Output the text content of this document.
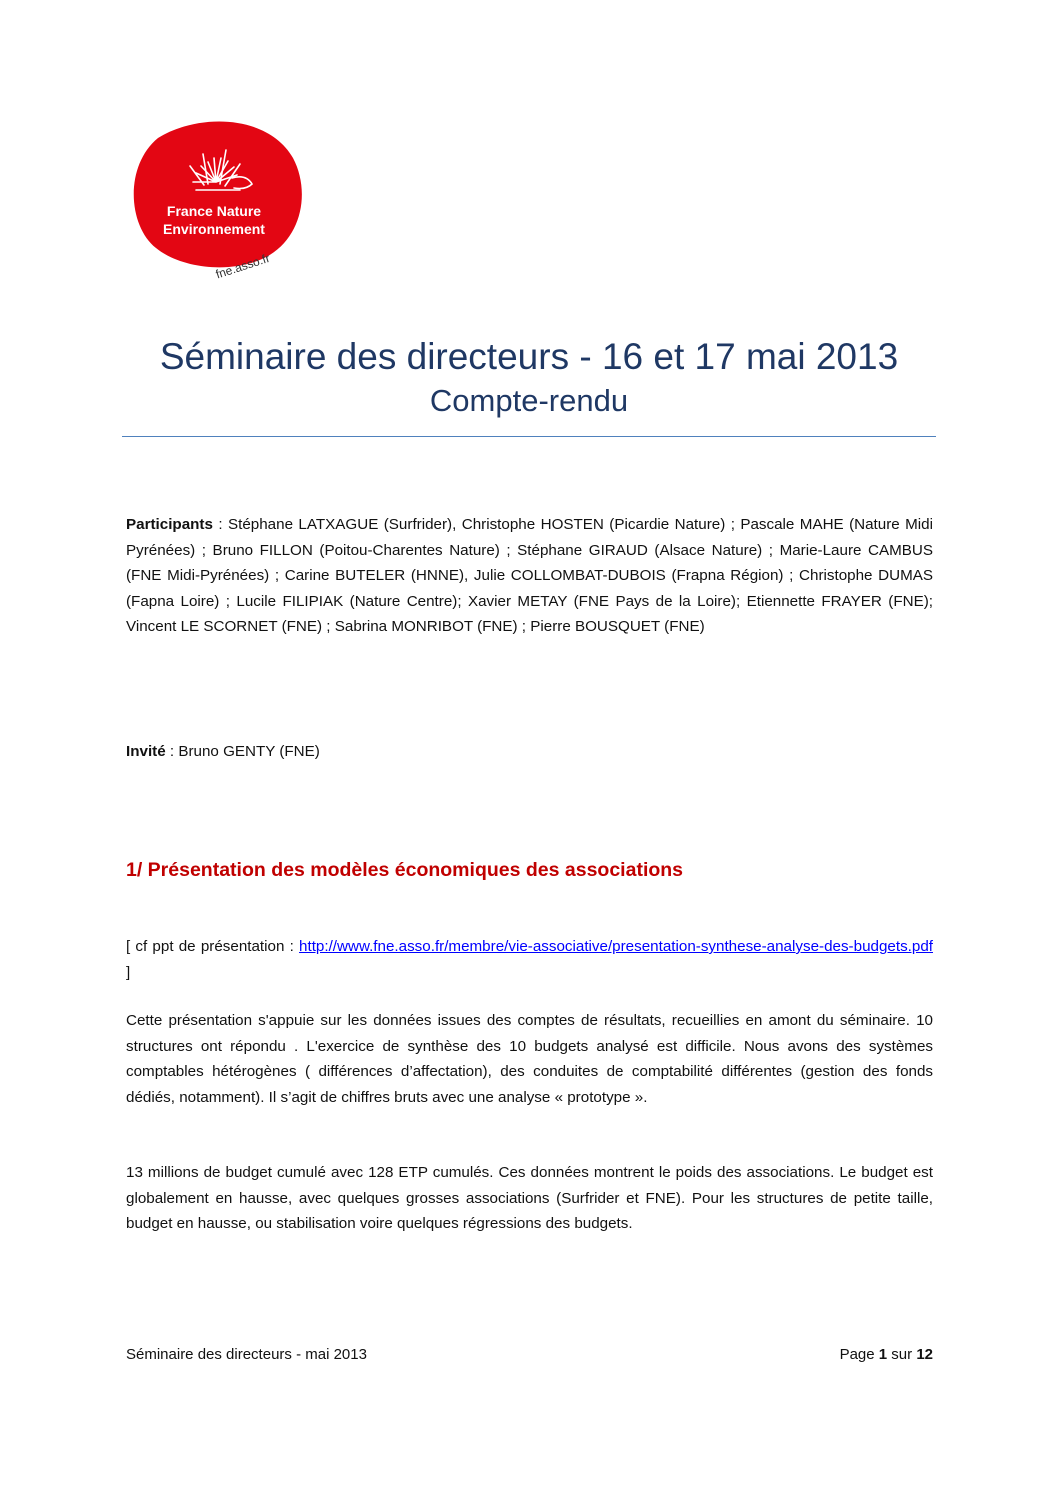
France Nature
Environnement
fne.asso.fr
Séminaire des directeurs - 16 et 17 mai 2013
Compte-rendu

Participants : Stéphane LATXAGUE (Surfrider), Christophe HOSTEN (Picardie Nature) ; Pascale MAHE (Nature Midi Pyrénées) ; Bruno FILLON (Poitou-Charentes Nature) ; Stéphane GIRAUD (Alsace Nature) ; Marie-Laure CAMBUS (FNE Midi-Pyrénées) ; Carine BUTELER (HNNE), Julie COLLOMBAT-DUBOIS (Frapna Région) ; Christophe DUMAS (Fapna Loire) ; Lucile FILIPIAK (Nature Centre); Xavier METAY (FNE Pays de la Loire); Etiennette FRAYER (FNE); Vincent LE SCORNET (FNE) ; Sabrina MONRIBOT (FNE) ; Pierre BOUSQUET (FNE)

Invité : Bruno GENTY (FNE)

1/ Présentation des modèles économiques des associations

[ cf ppt de présentation : http://www.fne.asso.fr/membre/vie-associative/presentation-synthese-analyse-des-budgets.pdf ]

Cette présentation s'appuie sur les données issues des comptes de résultats, recueillies en amont du séminaire. 10 structures ont répondu . L'exercice de synthèse des 10 budgets analysé est difficile. Nous avons des systèmes comptables hétérogènes ( différences d’affectation), des conduites de comptabilité différentes (gestion des fonds dédiés, notamment). Il s’agit de chiffres bruts avec une analyse « prototype ».

13 millions de budget cumulé avec 128 ETP cumulés. Ces données montrent le poids des associations. Le budget est globalement en hausse, avec quelques grosses associations (Surfrider et FNE). Pour les structures de petite taille, budget en hausse, ou stabilisation voire quelques régressions des budgets.

Séminaire des directeurs - mai 2013	Page 1 sur 12
